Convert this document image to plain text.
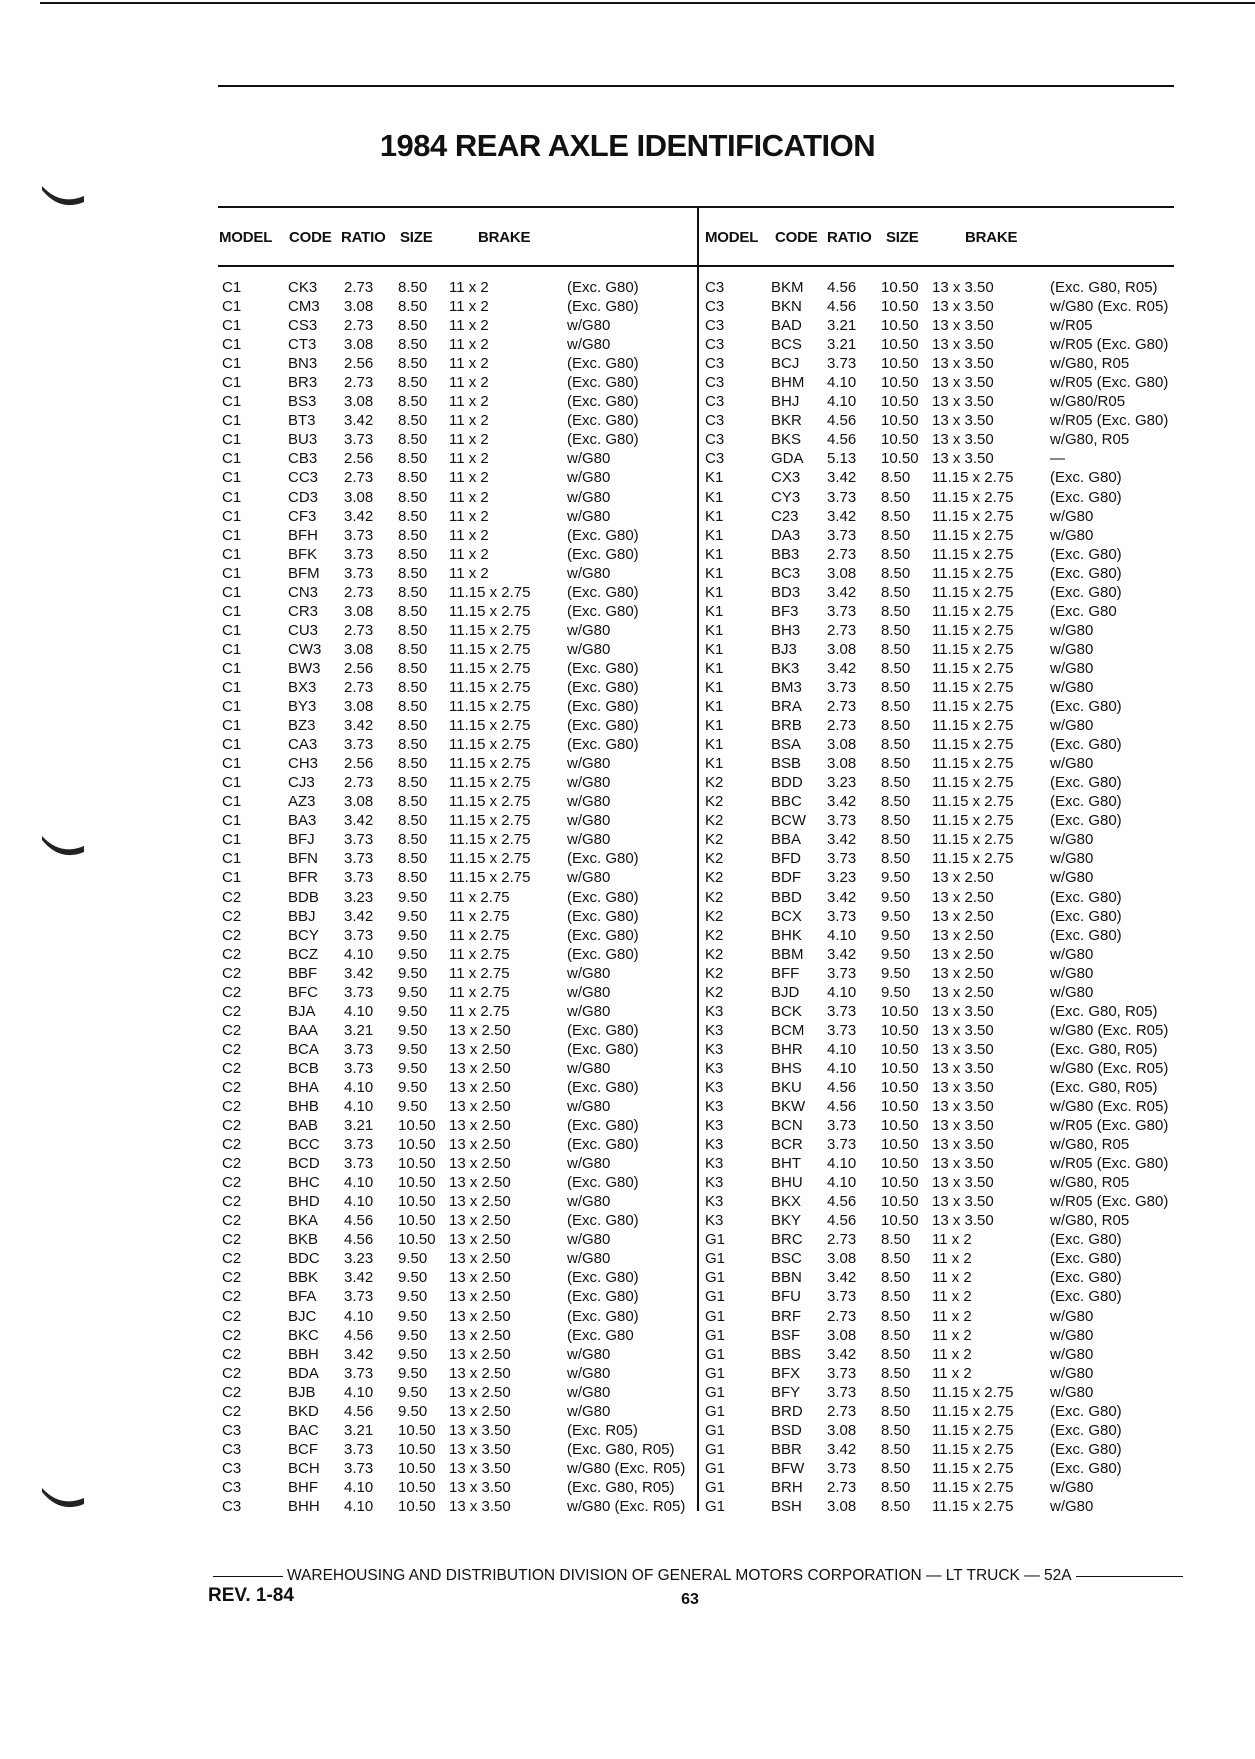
1984 REAR AXLE IDENTIFICATION
MODEL CODE RATIO SIZE	BRAKE	MODEL CODE RATIO SIZE	BRAKE
C1	CK3 2.73 8.50 11 x 2	(Exc. G80)
C1	CM3 3.08 8.50 11 x 2	(Exc. G80)
C1	CS3 2.73 8.50 11 x 2	w/G80
C1	CT3 3.08 8.50 11 x 2	w/G80
C1	BN3 2.56 8.50 11 x 2	(Exc. G80)
C1	BR3 2.73 8.50 11 x 2	(Exc. G80)
C1	BS3 3.08 8.50 11 x 2	(Exc. G80)
C1	BT3 3.42 8.50 11 x 2	(Exc. G80)
C1	BU3 3.73 8.50 11 x 2	(Exc. G80)
C1	CB3 2.56 8.50 11 x 2	w/G80
C1	CC3 2.73 8.50 11 x 2	w/G80
C1	CD3 3.08 8.50 11 x 2	w/G80
C1	CF3 3.42 8.50 11 x 2	w/G80
C1	BFH 3.73 8.50 11 x 2	(Exc. G80)
C1	BFK 3.73 8.50 11 x 2	(Exc. G80)
C1	BFM 3.73 8.50 11 x 2	w/G80
C1	CN3 2.73 8.50 11.15 x 2.75 (Exc. G80)
C1	CR3 3.08 8.50 11.15 x 2.75 (Exc. G80)
C1	CU3 2.73 8.50 11.15 x 2.75 w/G80
C1	CW3 3.08 8.50 11.15 x 2.75 w/G80
C1	BW3 2.56 8.50 11.15 x 2.75 (Exc. G80)
C1	BX3 2.73 8.50 11.15 x 2.75 (Exc. G80)
C1	BY3 3.08 8.50 11.15 x 2.75 (Exc. G80)
C1	BZ3 3.42 8.50 11.15 x 2.75 (Exc. G80)
C1	CA3 3.73 8.50 11.15 x 2.75 (Exc. G80)
C1	CH3 2.56 8.50 11.15 x 2.75 w/G80
C1	CJ3 2.73 8.50 11.15 x 2.75 w/G80
C1	AZ3 3.08 8.50 11.15 x 2.75 w/G80
C1	BA3 3.42 8.50 11.15 x 2.75 w/G80
C1	BFJ 3.73 8.50 11.15 x 2.75 w/G80
C1	BFN 3.73 8.50 11.15 x 2.75 (Exc. G80)
C1	BFR 3.73 8.50 11.15 x 2.75 w/G80
C2	BDB 3.23 9.50 11 x 2.75	(Exc. G80)
C2	BBJ 3.42 9.50 11 x 2.75	(Exc. G80)
C2	BCY 3.73 9.50 11 x 2.75	(Exc. G80)
C2	BCZ 4.10 9.50 11 x 2.75	(Exc. G80)
C2	BBF 3.42 9.50 11 x 2.75	w/G80
C2	BFC 3.73 9.50 11 x 2.75	w/G80
C2	BJA 4.10 9.50 11 x 2.75	w/G80
C2	BAA 3.21 9.50 13 x 2.50	(Exc. G80)
C2	BCA 3.73 9.50 13 x 2.50	(Exc. G80)
C2	BCB 3.73 9.50 13 x 2.50	w/G80
C2	BHA 4.10 9.50 13 x 2.50	(Exc. G80)
C2	BHB 4.10 9.50 13 x 2.50	w/G80
C2	BAB 3.21 10.50 13 x 2.50	(Exc. G80)
C2	BCC 3.73 10.50 13 x 2.50	(Exc. G80)
C2	BCD 3.73 10.50 13 x 2.50	w/G80
C2	BHC 4.10 10.50 13 x 2.50	(Exc. G80)
C2	BHD 4.10 10.50 13 x 2.50	w/G80
C2	BKA 4.56 10.50 13 x 2.50	(Exc. G80)
C2	BKB 4.56 10.50 13 x 2.50	w/G80
C2	BDC 3.23 9.50 13 x 2.50	w/G80
C2	BBK 3.42 9.50 13 x 2.50	(Exc. G80)
C2	BFA 3.73 9.50 13 x 2.50	(Exc. G80)
C2	BJC 4.10 9.50 13 x 2.50	(Exc. G80)
C2	BKC 4.56 9.50 13 x 2.50	(Exc. G80
C2	BBH 3.42 9.50 13 x 2.50	w/G80
C2	BDA 3.73 9.50 13 x 2.50	w/G80
C2	BJB 4.10 9.50 13 x 2.50	w/G80
C2	BKD 4.56 9.50 13 x 2.50	w/G80
C3	BAC 3.21 10.50 13 x 3.50	(Exc. R05)
C3	BCF 3.73 10.50 13 x 3.50	(Exc. G80, R05)
C3	BCH 3.73 10.50 13 x 3.50	w/G80 (Exc. R05)
C3	BHF 4.10 10.50 13 x 3.50	(Exc. G80, R05)
C3	BHH 4.10 10.50 13 x 3.50	w/G80 (Exc. R05)
C3	BKM 4.56 10.50 13 x 3.50	(Exc. G80, R05)
C3	BKN 4.56 10.50 13 x 3.50	w/G80 (Exc. R05)
C3	BAD 3.21 10.50 13 x 3.50	w/R05
C3	BCS 3.21 10.50 13 x 3.50	w/R05 (Exc. G80)
C3	BCJ 3.73 10.50 13 x 3.50	w/G80, R05
C3	BHM 4.10 10.50 13 x 3.50	w/R05 (Exc. G80)
C3	BHJ 4.10 10.50 13 x 3.50	w/G80/R05
C3	BKR 4.56 10.50 13 x 3.50	w/R05 (Exc. G80)
C3	BKS 4.56 10.50 13 x 3.50	w/G80, R05
C3	GDA 5.13 10.50 13 x 3.50	—
K1	CX3 3.42 8.50 11.15 x 2.75 (Exc. G80)
K1	CY3 3.73 8.50 11.15 x 2.75 (Exc. G80)
K1	C23 3.42 8.50 11.15 x 2.75 w/G80
K1	DA3 3.73 8.50 11.15 x 2.75 w/G80
K1	BB3 2.73 8.50 11.15 x 2.75 (Exc. G80)
K1	BC3 3.08 8.50 11.15 x 2.75 (Exc. G80)
K1	BD3 3.42 8.50 11.15 x 2.75 (Exc. G80)
K1	BF3 3.73 8.50 11.15 x 2.75 (Exc. G80
K1	BH3 2.73 8.50 11.15 x 2.75 w/G80
K1	BJ3 3.08 8.50 11.15 x 2.75 w/G80
K1	BK3 3.42 8.50 11.15 x 2.75 w/G80
K1	BM3 3.73 8.50 11.15 x 2.75 w/G80
K1	BRA 2.73 8.50 11.15 x 2.75 (Exc. G80)
K1	BRB 2.73 8.50 11.15 x 2.75 w/G80
K1	BSA 3.08 8.50 11.15 x 2.75 (Exc. G80)
K1	BSB 3.08 8.50 11.15 x 2.75 w/G80
K2	BDD 3.23 8.50 11.15 x 2.75 (Exc. G80)
K2	BBC 3.42 8.50 11.15 x 2.75 (Exc. G80)
K2	BCW 3.73 8.50 11.15 x 2.75 (Exc. G80)
K2	BBA 3.42 8.50 11.15 x 2.75 w/G80
K2	BFD 3.73 8.50 11.15 x 2.75 w/G80
K2	BDF 3.23 9.50 13 x 2.50	w/G80
K2	BBD 3.42 9.50 13 x 2.50	(Exc. G80)
K2	BCX 3.73 9.50 13 x 2.50	(Exc. G80)
K2	BHK 4.10 9.50 13 x 2.50	(Exc. G80)
K2	BBM 3.42 9.50 13 x 2.50	w/G80
K2	BFF 3.73 9.50 13 x 2.50	w/G80
K2	BJD 4.10 9.50 13 x 2.50	w/G80
K3	BCK 3.73 10.50 13 x 3.50	(Exc. G80, R05)
K3	BCM 3.73 10.50 13 x 3.50	w/G80 (Exc. R05)
K3	BHR 4.10 10.50 13 x 3.50	(Exc. G80, R05)
K3	BHS 4.10 10.50 13 x 3.50	w/G80 (Exc. R05)
K3	BKU 4.56 10.50 13 x 3.50	(Exc. G80, R05)
K3	BKW 4.56 10.50 13 x 3.50	w/G80 (Exc. R05)
K3	BCN 3.73 10.50 13 x 3.50	w/R05 (Exc. G80)
K3	BCR 3.73 10.50 13 x 3.50	w/G80, R05
K3	BHT 4.10 10.50 13 x 3.50	w/R05 (Exc. G80)
K3	BHU 4.10 10.50 13 x 3.50	w/G80, R05
K3	BKX 4.56 10.50 13 x 3.50	w/R05 (Exc. G80)
K3	BKY 4.56 10.50 13 x 3.50	w/G80, R05
G1	BRC 2.73 8.50 11 x 2	(Exc. G80)
G1	BSC 3.08 8.50 11 x 2	(Exc. G80)
G1	BBN 3.42 8.50 11 x 2	(Exc. G80)
G1	BFU 3.73 8.50 11 x 2	(Exc. G80)
G1	BRF 2.73 8.50 11 x 2	w/G80
G1	BSF 3.08 8.50 11 x 2	w/G80
G1	BBS 3.42 8.50 11 x 2	w/G80
G1	BFX 3.73 8.50 11 x 2	w/G80
G1	BFY 3.73 8.50 11.15 x 2.75 w/G80
G1	BRD 2.73 8.50 11.15 x 2.75 (Exc. G80)
G1	BSD 3.08 8.50 11.15 x 2.75 (Exc. G80)
G1	BBR 3.42 8.50 11.15 x 2.75 (Exc. G80)
G1	BFW 3.73 8.50 11.15 x 2.75 (Exc. G80)
G1	BRH 2.73 8.50 11.15 x 2.75 w/G80
G1	BSH 3.08 8.50 11.15 x 2.75 w/G80
WAREHOUSING AND DISTRIBUTION DIVISION OF GENERAL MOTORS CORPORATION — LT TRUCK — 52A
REV. 1-84	63
